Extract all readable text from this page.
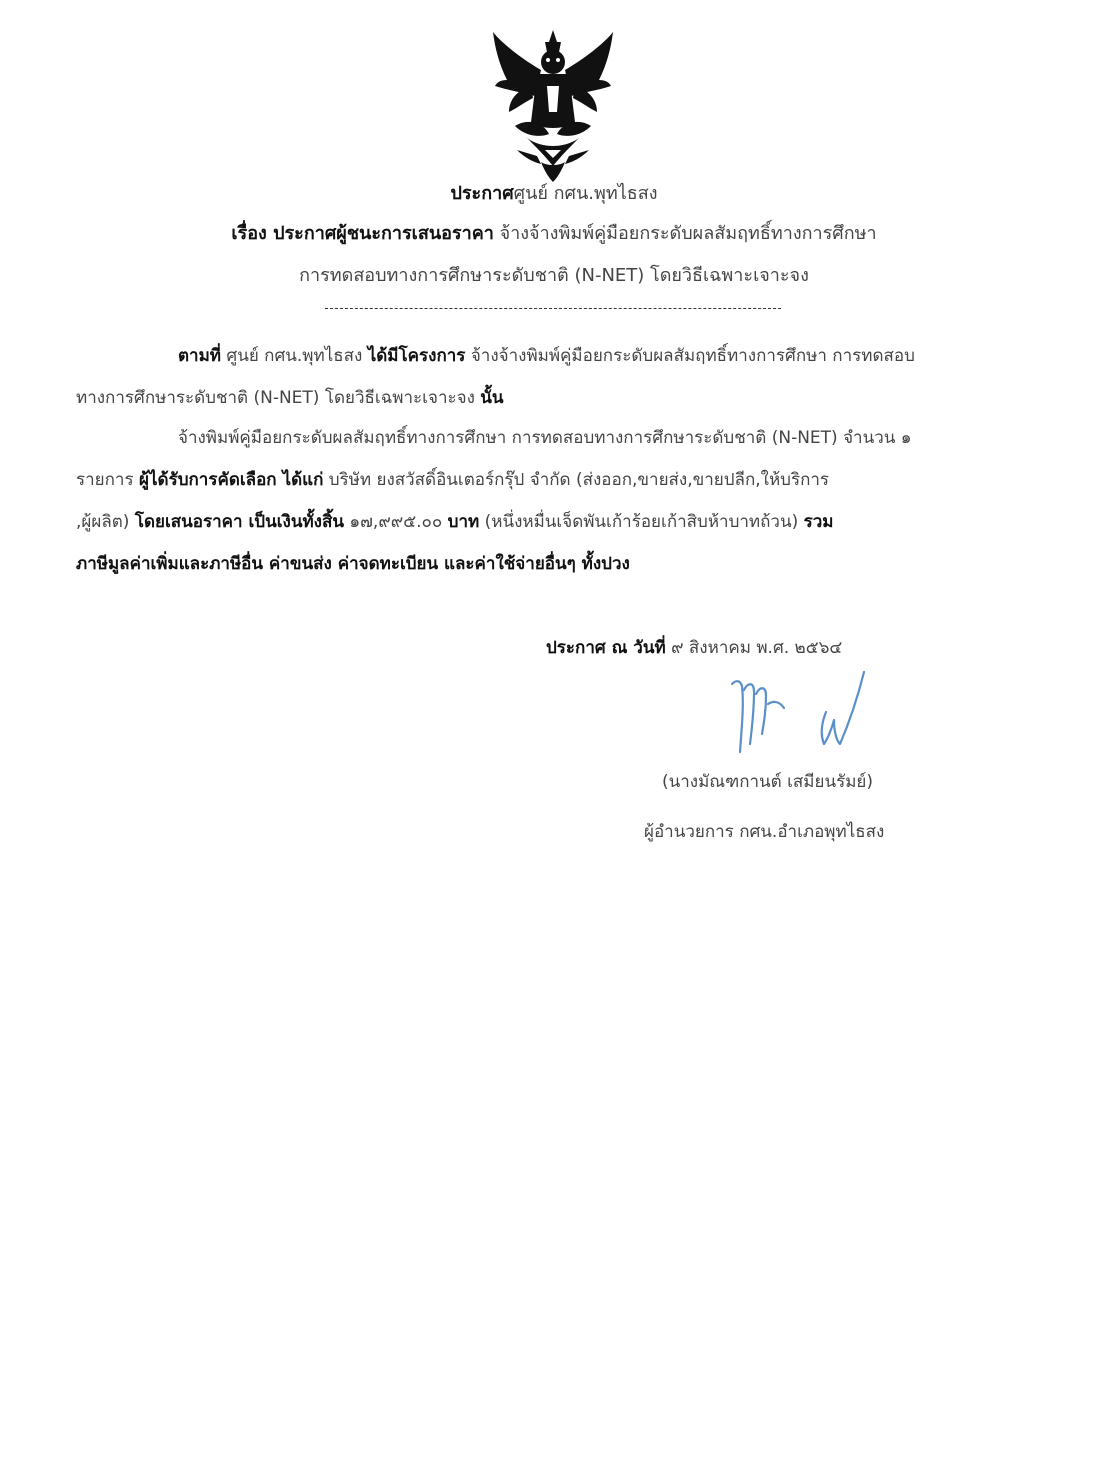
ประกาศศูนย์ กศน.พุทไธสง
เรื่อง ประกาศผู้ชนะการเสนอราคา จ้างจ้างพิมพ์คู่มือยกระดับผลสัมฤทธิ์ทางการศึกษา
การทดสอบทางการศึกษาระดับชาติ (N-NET) โดยวิธีเฉพาะเจาะจง
ตามที่ ศูนย์ กศน.พุทไธสง ได้มีโครงการ จ้างจ้างพิมพ์คู่มือยกระดับผลสัมฤทธิ์ทางการศึกษา การทดสอบ
ทางการศึกษาระดับชาติ (N-NET) โดยวิธีเฉพาะเจาะจง นั้น
จ้างพิมพ์คู่มือยกระดับผลสัมฤทธิ์ทางการศึกษา การทดสอบทางการศึกษาระดับชาติ (N-NET) จำนวน ๑
รายการ ผู้ได้รับการคัดเลือก ได้แก่ บริษัท ยงสวัสดิ์อินเตอร์กรุ๊ป จำกัด (ส่งออก,ขายส่ง,ขายปลีก,ให้บริการ
,ผู้ผลิต) โดยเสนอราคา เป็นเงินทั้งสิ้น ๑๗,๙๙๕.๐๐ บาท (หนึ่งหมื่นเจ็ดพันเก้าร้อยเก้าสิบห้าบาทถ้วน) รวม
ภาษีมูลค่าเพิ่มและภาษีอื่น ค่าขนส่ง ค่าจดทะเบียน และค่าใช้จ่ายอื่นๆ ทั้งปวง
ประกาศ ณ วันที่ ๙ สิงหาคม พ.ศ. ๒๕๖๔
(นางมัณฑกานต์ เสมียนรัมย์)
ผู้อำนวยการ กศน.อำเภอพุทไธสง
